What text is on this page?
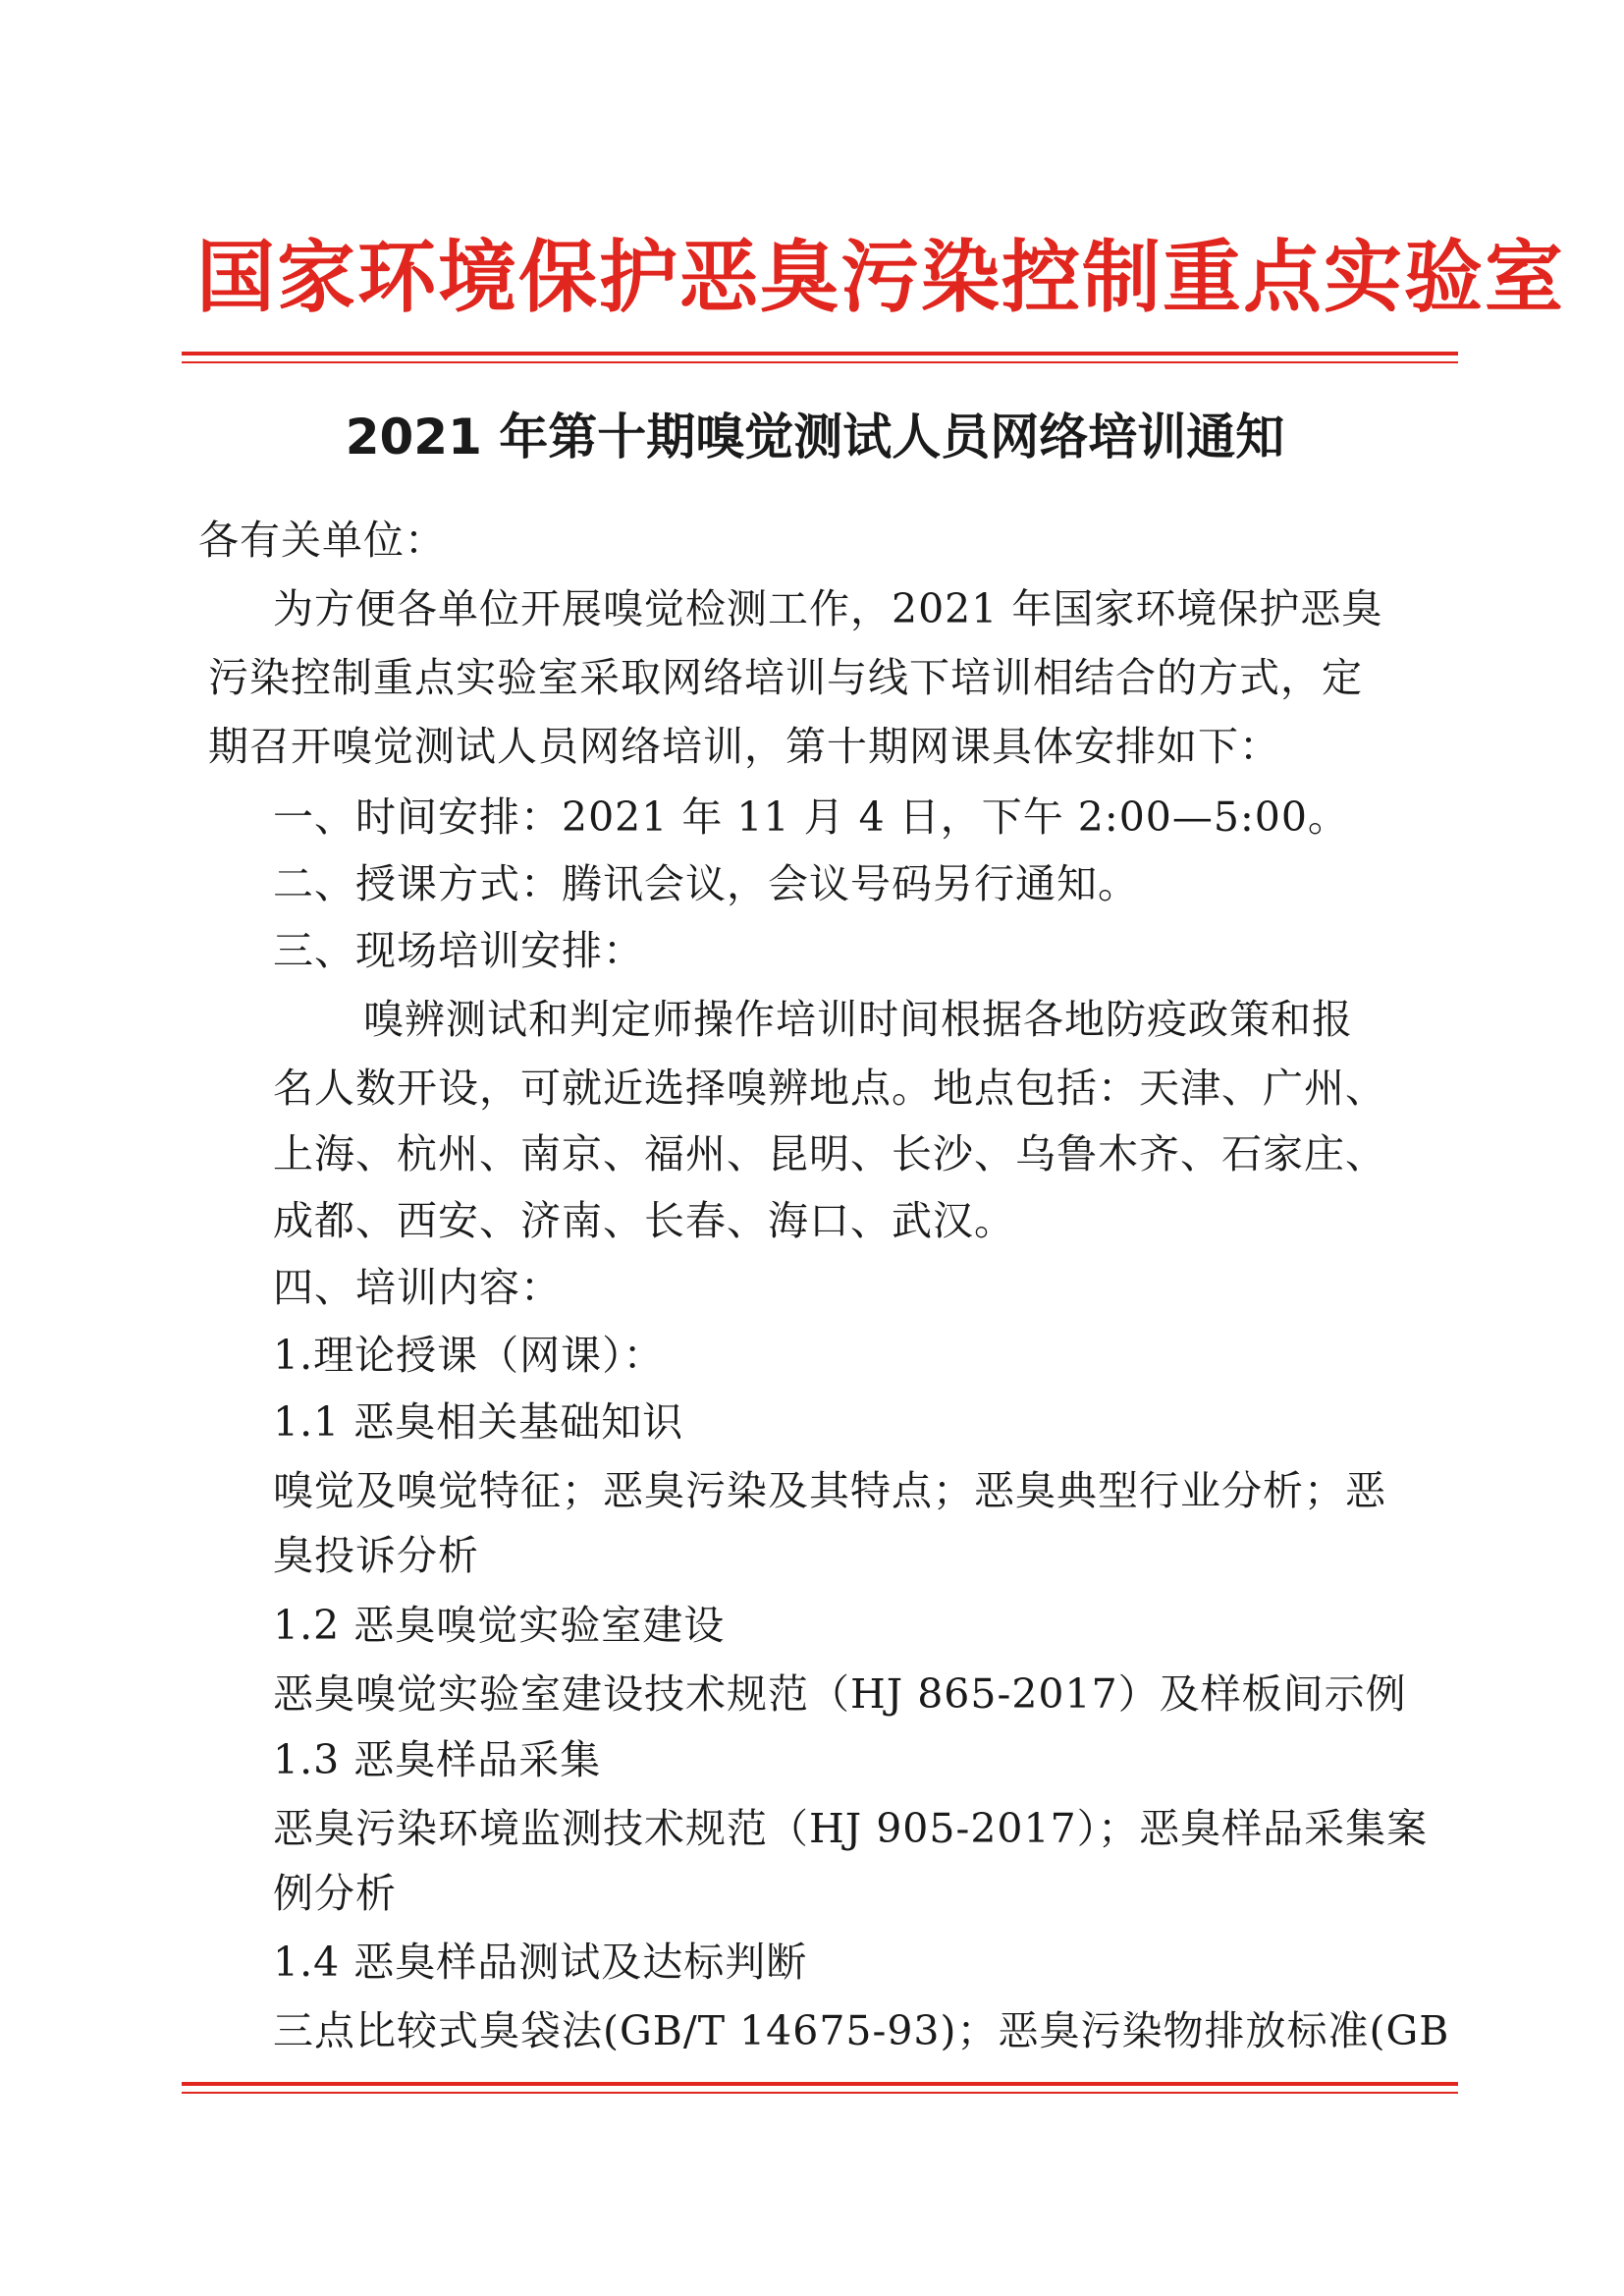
国家环境保护恶臭污染控制重点实验室
2021 年第十期嗅觉测试人员网络培训通知
各有关单位：
为方便各单位开展嗅觉检测工作，2021 年国家环境保护恶臭
污染控制重点实验室采取网络培训与线下培训相结合的方式，定
期召开嗅觉测试人员网络培训，第十期网课具体安排如下：
一、时间安排：2021 年 11 月 4 日，下午 2:00—5:00。
二、授课方式：腾讯会议，会议号码另行通知。
三、现场培训安排：
嗅辨测试和判定师操作培训时间根据各地防疫政策和报
名人数开设，可就近选择嗅辨地点。地点包括：天津、广州、
上海、杭州、南京、福州、昆明、长沙、乌鲁木齐、石家庄、
成都、西安、济南、长春、海口、武汉。
四、培训内容：
1.理论授课（网课）：
1.1 恶臭相关基础知识
嗅觉及嗅觉特征；恶臭污染及其特点；恶臭典型行业分析；恶
臭投诉分析
1.2 恶臭嗅觉实验室建设
恶臭嗅觉实验室建设技术规范（HJ 865-2017）及样板间示例
1.3 恶臭样品采集
恶臭污染环境监测技术规范（HJ 905-2017）；恶臭样品采集案
例分析
1.4 恶臭样品测试及达标判断
三点比较式臭袋法(GB/T 14675-93)；恶臭污染物排放标准(GB
